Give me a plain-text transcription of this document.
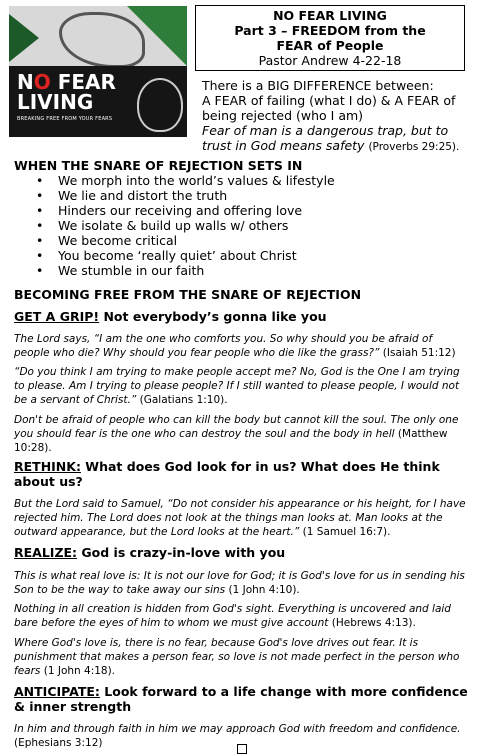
NO FEAR
LIVING
BREAKING FREE FROM YOUR FEARS
NO FEAR LIVING
Part 3 – FREEDOM from the
FEAR of People
Pastor Andrew 4-22-18
There is a BIG DIFFERENCE between:
A FEAR of failing (what I do) & A FEAR of being rejected (who I am)
Fear of man is a dangerous trap, but to trust in God means safety (Proverbs 29:25).
WHEN THE SNARE OF REJECTION SETS IN
• We morph into the world’s values & lifestyle
• We lie and distort the truth
• Hinders our receiving and offering love
• We isolate & build up walls w/ others
• We become critical
• You become ‘really quiet’ about Christ
• We stumble in our faith
BECOMING FREE FROM THE SNARE OF REJECTION
GET A GRIP! Not everybody’s gonna like you
The Lord says, “I am the one who comforts you. So why should you be afraid of people who die? Why should you fear people who die like the grass?” (Isaiah 51:12)
“Do you think I am trying to make people accept me? No, God is the One I am trying to please. Am I trying to please people? If I still wanted to please people, I would not be a servant of Christ.” (Galatians 1:10).
Don't be afraid of people who can kill the body but cannot kill the soul. The only one you should fear is the one who can destroy the soul and the body in hell (Matthew 10:28).
RETHINK: What does God look for in us? What does He think about us?
But the Lord said to Samuel, “Do not consider his appearance or his height, for I have rejected him. The Lord does not look at the things man looks at. Man looks at the outward appearance, but the Lord looks at the heart.” (1 Samuel 16:7).
REALIZE: God is crazy-in-love with you
This is what real love is: It is not our love for God; it is God's love for us in sending his Son to be the way to take away our sins (1 John 4:10).
Nothing in all creation is hidden from God's sight. Everything is uncovered and laid bare before the eyes of him to whom we must give account (Hebrews 4:13).
Where God's love is, there is no fear, because God's love drives out fear. It is punishment that makes a person fear, so love is not made perfect in the person who fears (1 John 4:18).
ANTICIPATE: Look forward to a life change with more confidence & inner strength
In him and through faith in him we may approach God with freedom and confidence. (Ephesians 3:12)
